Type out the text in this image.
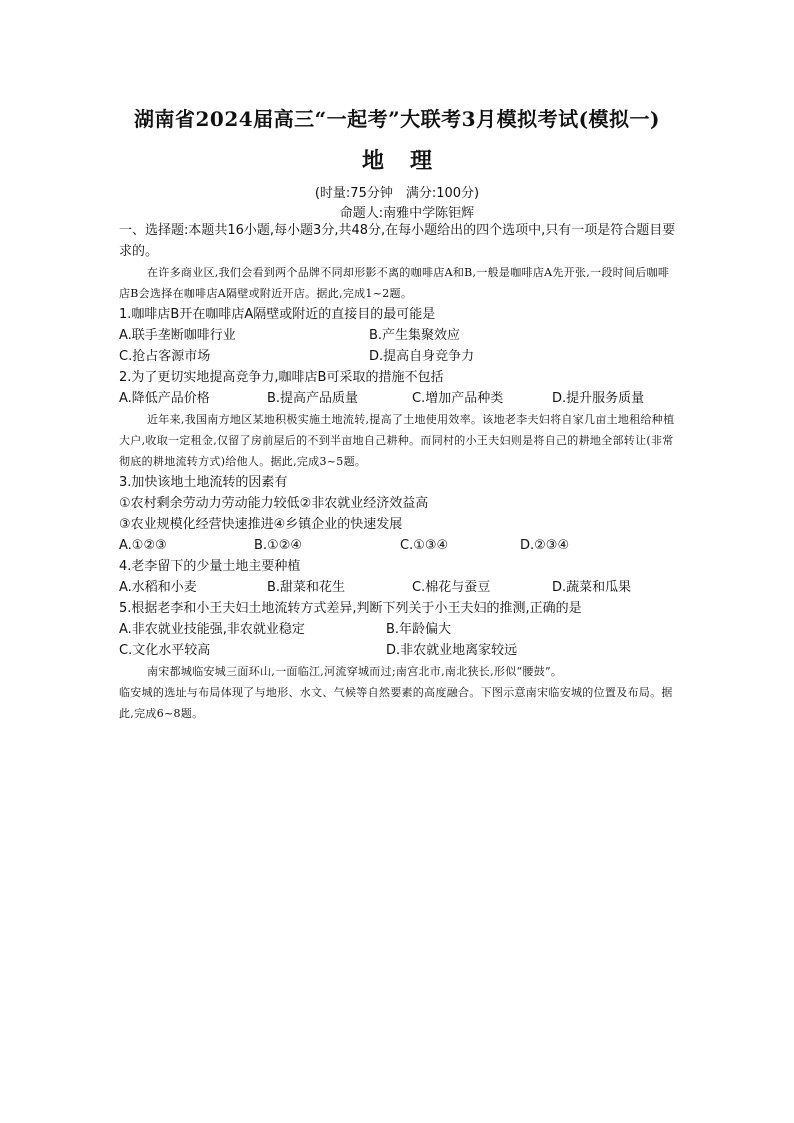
湖南省2024届高三“一起考”大联考3月模拟考试(模拟一)
地理
(时量:75分钟　满分:100分)
命题人:南雅中学陈钜辉

一、选择题:本题共16小题,每小题3分,共48分,在每小题给出的四个选项中,只有一项是符合题目要求的。

在许多商业区,我们会看到两个品牌不同却形影不离的咖啡店A和B,一般是咖啡店A先开张,一段时间后咖啡店B会选择在咖啡店A隔壁或附近开店。据此,完成1~2题。

1.咖啡店B开在咖啡店A隔壁或附近的直接目的最可能是

A.联手垄断咖啡行业	B.产生集聚效应
C.抢占客源市场	D.提高自身竞争力

2.为了更切实地提高竞争力,咖啡店B可采取的措施不包括

A.降低产品价格	B.提高产品质量	C.增加产品种类	D.提升服务质量

近年来,我国南方地区某地积极实施土地流转,提高了土地使用效率。该地老李夫妇将自家几亩土地租给种植大户,收取一定租金,仅留了房前屋后的不到半亩地自己耕种。而同村的小王夫妇则是将自己的耕地全部转让(非常彻底的耕地流转方式)给他人。据此,完成3~5题。

3.加快该地土地流转的因素有

①农村剩余劳动力劳动能力较低②非农就业经济效益高

③农业规模化经营快速推进④乡镇企业的快速发展

A.①②③	B.①②④	C.①③④	D.②③④

4.老李留下的少量土地主要种植

A.水稻和小麦	B.甜菜和花生	C.棉花与蚕豆	D.蔬菜和瓜果

5.根据老李和小王夫妇土地流转方式差异,判断下列关于小王夫妇的推测,正确的是

A.非农就业技能强,非农就业稳定	B.年龄偏大
C.文化水平较高	D.非农就业地离家较远

南宋都城临安城三面环山,一面临江,河流穿城而过;南宫北市,南北狭长,形似“腰鼓”。

临安城的选址与布局体现了与地形、水文、气候等自然要素的高度融合。下图示意南宋临安城的位置及布局。据此,完成6~8题。
